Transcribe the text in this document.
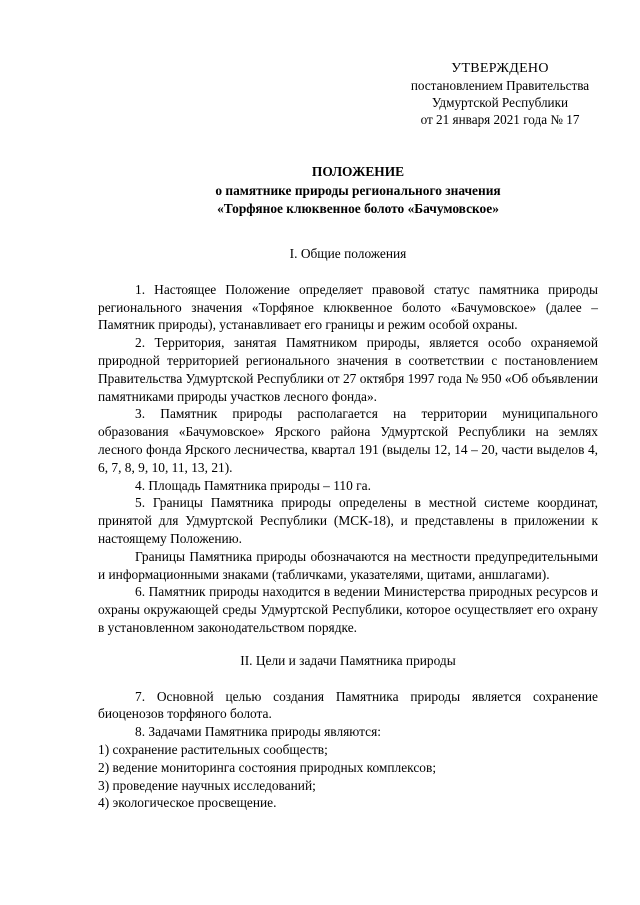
УТВЕРЖДЕНО
постановлением Правительства
Удмуртской Республики
от 21 января 2021 года № 17
ПОЛОЖЕНИЕ
о памятнике природы регионального значения
«Торфяное клюквенное болото «Бачумовское»
I. Общие положения

1. Настоящее Положение определяет правовой статус памятника природы регионального значения «Торфяное клюквенное болото «Бачумовское» (далее – Памятник природы), устанавливает его границы и режим особой охраны.

2. Территория, занятая Памятником природы, является особо охраняемой природной территорией регионального значения в соответствии с постановлением Правительства Удмуртской Республики от 27 октября 1997 года № 950 «Об объявлении памятниками природы участков лесного фонда».

3. Памятник природы располагается на территории муниципального образования «Бачумовское» Ярского района Удмуртской Республики на землях лесного фонда Ярского лесничества, квартал 191 (выделы 12, 14 – 20, части выделов 4, 6, 7, 8, 9, 10, 11, 13, 21).

4. Площадь Памятника природы – 110 га.

5. Границы Памятника природы определены в местной системе координат, принятой для Удмуртской Республики (МСК-18), и представлены в приложении к настоящему Положению.

Границы Памятника природы обозначаются на местности предупредительными и информационными знаками (табличками, указателями, щитами, аншлагами).

6. Памятник природы находится в ведении Министерства природных ресурсов и охраны окружающей среды Удмуртской Республики, которое осуществляет его охрану в установленном законодательством порядке.

II. Цели и задачи Памятника природы

7. Основной целью создания Памятника природы является сохранение биоценозов торфяного болота.

8. Задачами Памятника природы являются:

1) сохранение растительных сообществ;

2) ведение мониторинга состояния природных комплексов;

3) проведение научных исследований;

4) экологическое просвещение.
